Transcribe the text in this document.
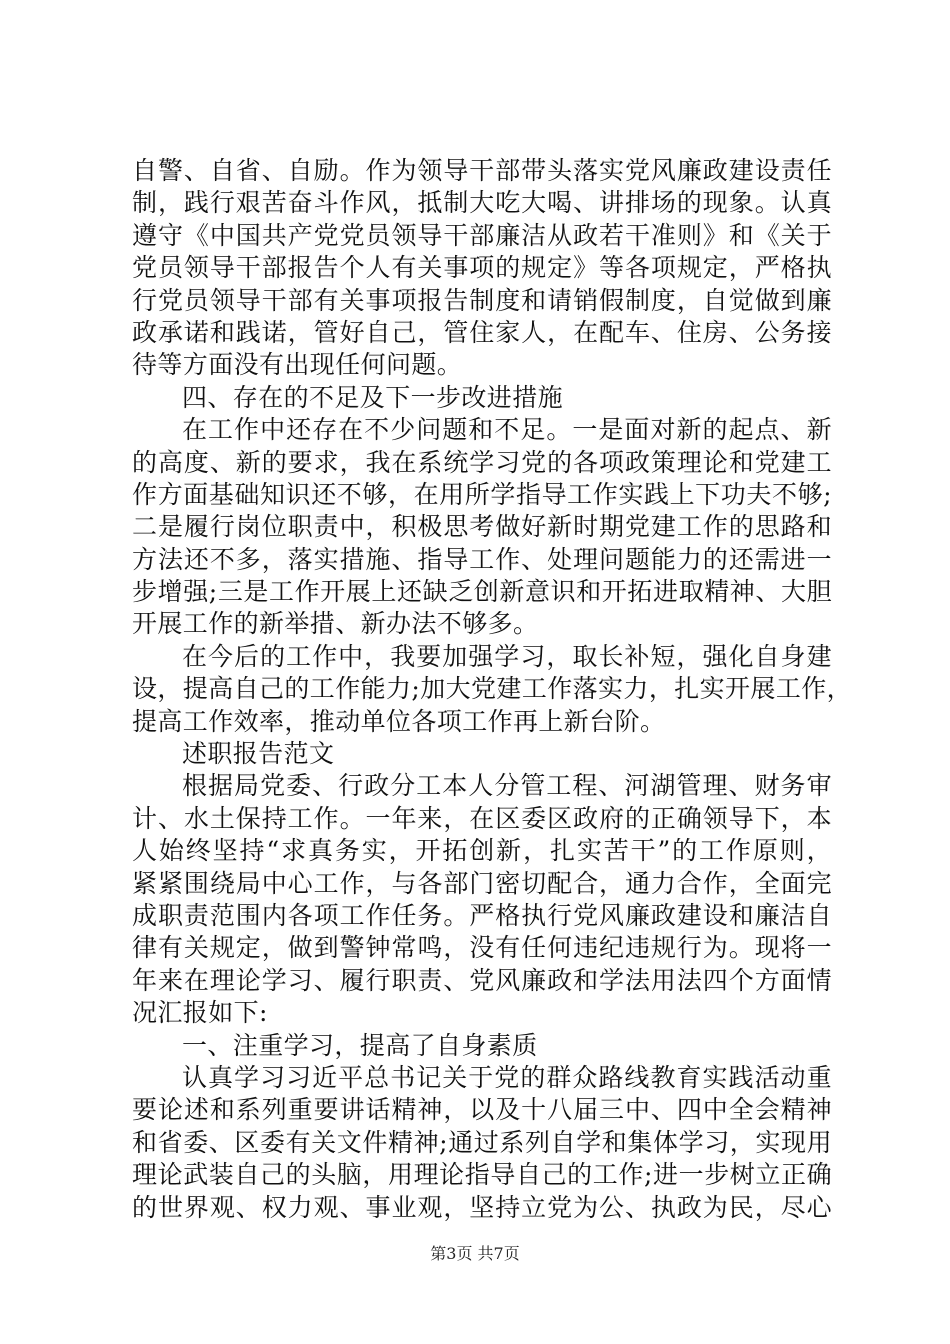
自警、自省、自励。作为领导干部带头落实党风廉政建设责任
制，践行艰苦奋斗作风，抵制大吃大喝、讲排场的现象。认真
遵守《中国共产党党员领导干部廉洁从政若干准则》和《关于
党员领导干部报告个人有关事项的规定》等各项规定，严格执
行党员领导干部有关事项报告制度和请销假制度，自觉做到廉
政承诺和践诺，管好自己，管住家人，在配车、住房、公务接
待等方面没有出现任何问题。
四、存在的不足及下一步改进措施
在工作中还存在不少问题和不足。一是面对新的起点、新
的高度、新的要求，我在系统学习党的各项政策理论和党建工
作方面基础知识还不够，在用所学指导工作实践上下功夫不够;
二是履行岗位职责中，积极思考做好新时期党建工作的思路和
方法还不多，落实措施、指导工作、处理问题能力的还需进一
步增强;三是工作开展上还缺乏创新意识和开拓进取精神、大胆
开展工作的新举措、新办法不够多。
在今后的工作中，我要加强学习，取长补短，强化自身建
设，提高自己的工作能力;加大党建工作落实力，扎实开展工作，
提高工作效率，推动单位各项工作再上新台阶。
述职报告范文
根据局党委、行政分工本人分管工程、河湖管理、财务审
计、水土保持工作。一年来，在区委区政府的正确领导下，本
人始终坚持“求真务实，开拓创新，扎实苦干”的工作原则，
紧紧围绕局中心工作，与各部门密切配合，通力合作，全面完
成职责范围内各项工作任务。严格执行党风廉政建设和廉洁自
律有关规定，做到警钟常鸣，没有任何违纪违规行为。现将一
年来在理论学习、履行职责、党风廉政和学法用法四个方面情
况汇报如下:
一、注重学习，提高了自身素质
认真学习习近平总书记关于党的群众路线教育实践活动重
要论述和系列重要讲话精神，以及十八届三中、四中全会精神
和省委、区委有关文件精神;通过系列自学和集体学习，实现用
理论武装自己的头脑，用理论指导自己的工作;进一步树立正确
的世界观、权力观、事业观，坚持立党为公、执政为民，尽心
第3页 共7页
